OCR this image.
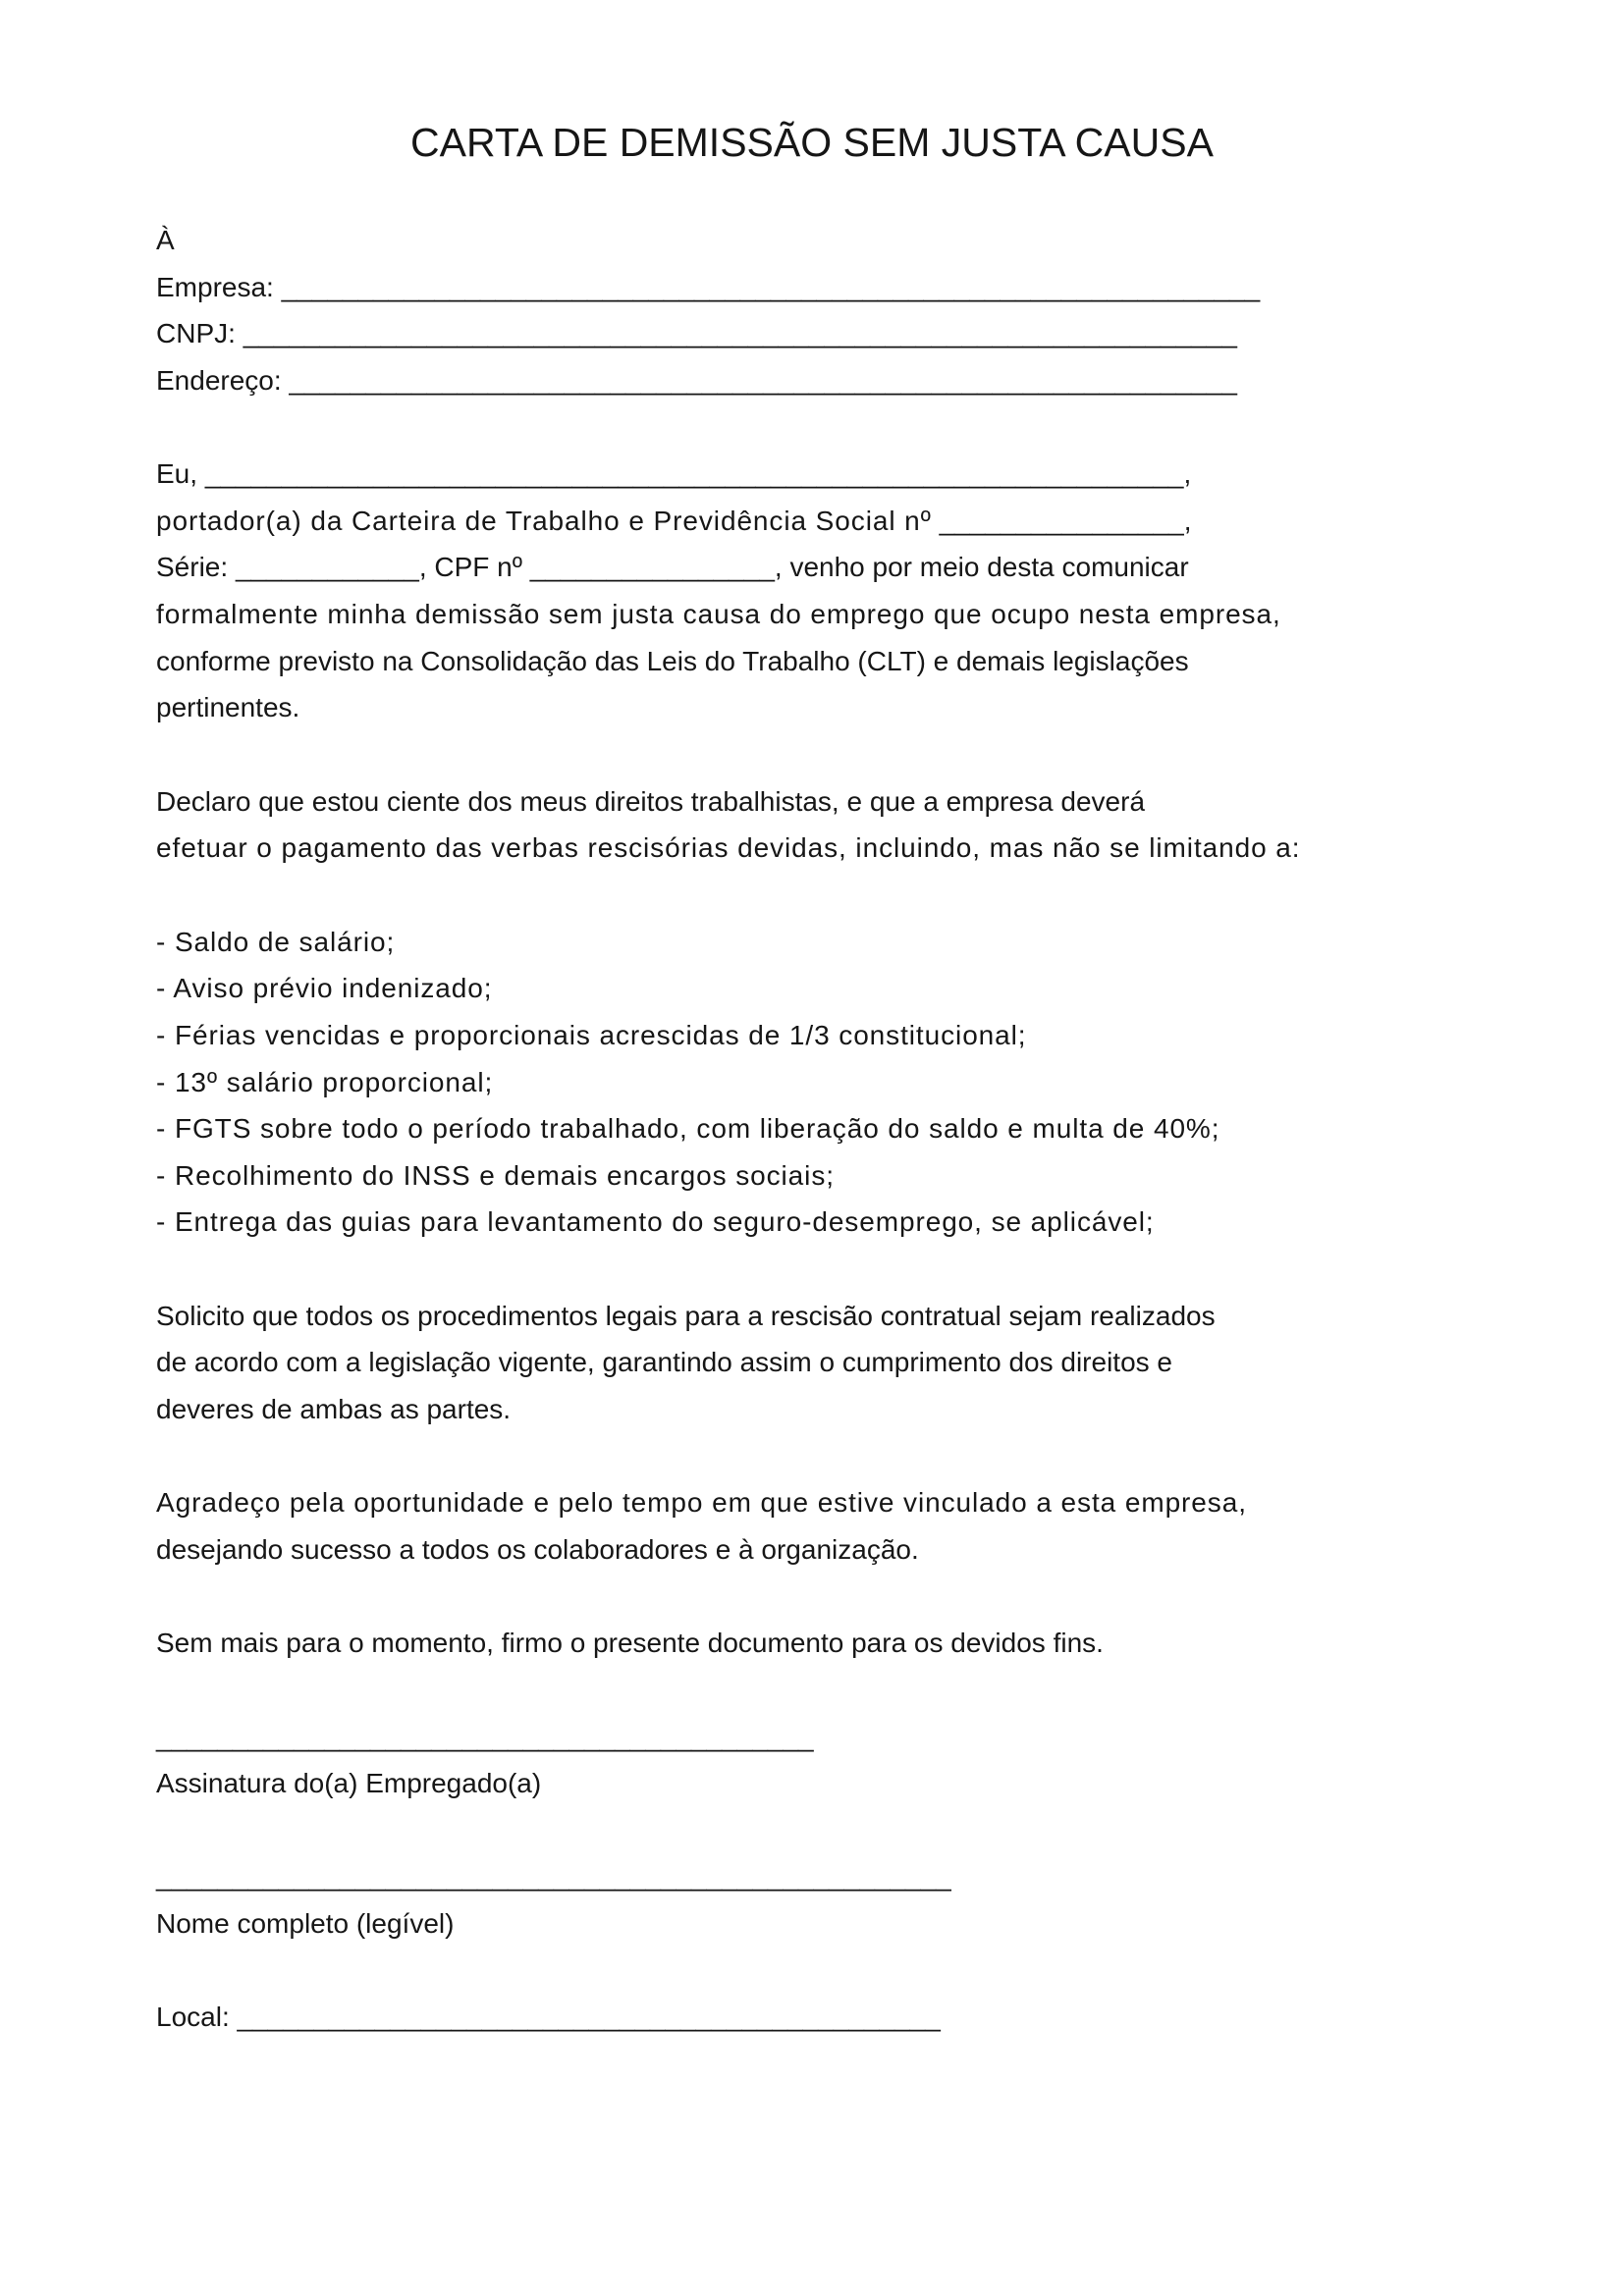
CARTA DE DEMISSÃO SEM JUSTA CAUSA
À
Empresa: ________________________________________________________________
CNPJ: _________________________________________________________________
Endereço: ______________________________________________________________
Eu, ________________________________________________________________,
portador(a) da Carteira de Trabalho e Previdência Social nº ________________,
Série: ____________, CPF nº ________________, venho por meio desta comunicar
formalmente minha demissão sem justa causa do emprego que ocupo nesta empresa,
conforme previsto na Consolidação das Leis do Trabalho (CLT) e demais legislações
pertinentes.
Declaro que estou ciente dos meus direitos trabalhistas, e que a empresa deverá
efetuar o pagamento das verbas rescisórias devidas, incluindo, mas não se limitando a:
- Saldo de salário;
- Aviso prévio indenizado;
- Férias vencidas e proporcionais acrescidas de 1/3 constitucional;
- 13º salário proporcional;
- FGTS sobre todo o período trabalhado, com liberação do saldo e multa de 40%;
- Recolhimento do INSS e demais encargos sociais;
- Entrega das guias para levantamento do seguro-desemprego, se aplicável;
Solicito que todos os procedimentos legais para a rescisão contratual sejam realizados
de acordo com a legislação vigente, garantindo assim o cumprimento dos direitos e
deveres de ambas as partes.
Agradeço pela oportunidade e pelo tempo em que estive vinculado a esta empresa,
desejando sucesso a todos os colaboradores e à organização.
Sem mais para o momento, firmo o presente documento para os devidos fins.
___________________________________________
Assinatura do(a) Empregado(a)
____________________________________________________
Nome completo (legível)
Local: ______________________________________________
